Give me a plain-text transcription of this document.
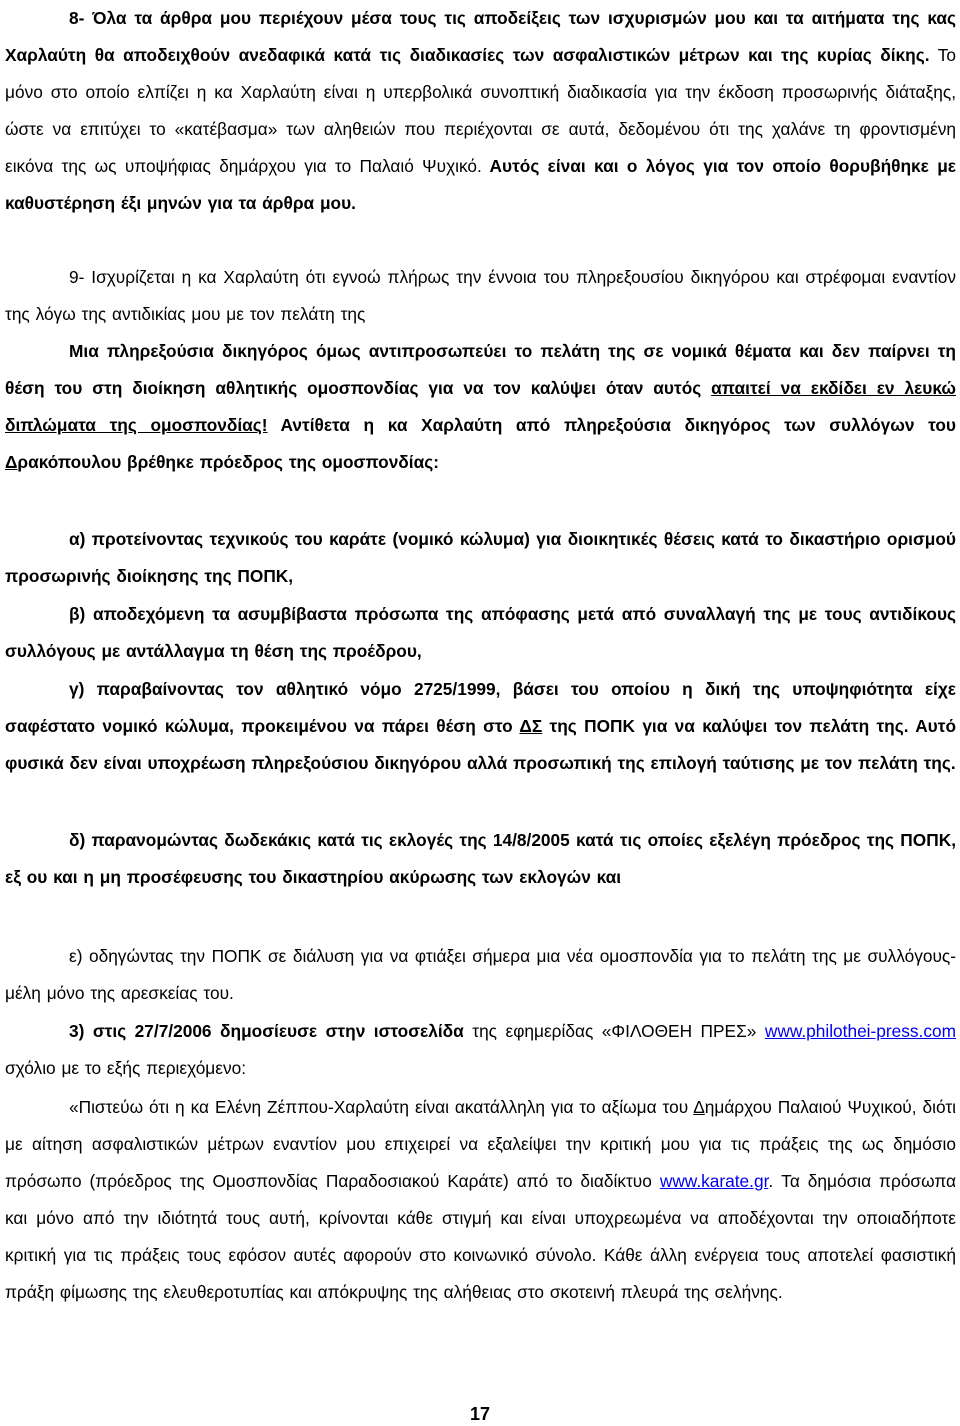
8- Όλα τα άρθρα μου περιέχουν μέσα τους τις αποδείξεις των ισχυρισμών μου και τα αιτήματα της κας Χαρλαύτη θα αποδειχθούν ανεδαφικά κατά τις διαδικασίες των ασφαλιστικών μέτρων και της κυρίας δίκης. Το μόνο στο οποίο ελπίζει η κα Χαρλαύτη είναι η υπερβολικά συνοπτική διαδικασία για την έκδοση προσωρινής διάταξης, ώστε να επιτύχει το «κατέβασμα» των αληθειών που περιέχονται σε αυτά, δεδομένου ότι της χαλάνε τη φροντισμένη εικόνα της ως υποψήφιας δημάρχου για το Παλαιό Ψυχικό. Αυτός είναι και ο λόγος για τον οποίο θορυβήθηκε με καθυστέρηση έξι μηνών για τα άρθρα μου.

9- Ισχυρίζεται η κα Χαρλαύτη ότι εγνοώ πλήρως την έννοια του πληρεξουσίου δικηγόρου και στρέφομαι εναντίον της λόγω της αντιδικίας μου με τον πελάτη της

Μια πληρεξούσια δικηγόρος όμως αντιπροσωπεύει το πελάτη της σε νομικά θέματα και δεν παίρνει τη θέση του στη διοίκηση αθλητικής ομοσπονδίας για να τον καλύψει όταν αυτός απαιτεί να εκδίδει εν λευκώ διπλώματα της ομοσπονδίας! Αντίθετα η κα Χαρλαύτη από πληρεξούσια δικηγόρος των συλλόγων του Δρακόπουλου βρέθηκε πρόεδρος της ομοσπονδίας:

α) προτείνοντας τεχνικούς του καράτε (νομικό κώλυμα) για διοικητικές θέσεις κατά το δικαστήριο ορισμού προσωρινής διοίκησης της ΠΟΠΚ,

β) αποδεχόμενη τα ασυμβίβαστα πρόσωπα της απόφασης μετά από συναλλαγή της με τους αντιδίκους συλλόγους με αντάλλαγμα τη θέση της προέδρου,

γ) παραβαίνοντας τον αθλητικό νόμο 2725/1999, βάσει του οποίου η δική της υποψηφιότητα είχε σαφέστατο νομικό κώλυμα, προκειμένου να πάρει θέση στο ΔΣ της ΠΟΠΚ για να καλύψει τον πελάτη της. Αυτό φυσικά δεν είναι υποχρέωση πληρεξούσιου δικηγόρου αλλά προσωπική της επιλογή ταύτισης με τον πελάτη της.

δ) παρανομώντας δωδεκάκις κατά τις εκλογές της 14/8/2005 κατά τις οποίες εξελέγη πρόεδρος της ΠΟΠΚ, εξ ου και η μη προσέφευσης του δικαστηρίου ακύρωσης των εκλογών και

ε) οδηγώντας την ΠΟΠΚ σε διάλυση για να φτιάξει σήμερα μια νέα ομοσπονδία για το πελάτη της με συλλόγους-μέλη μόνο της αρεσκείας του.

3) στις 27/7/2006 δημοσίευσε στην ιστοσελίδα της εφημερίδας «ΦΙΛΟΘΕΗ ΠΡΕΣ» www.philothei-press.com σχόλιο με το εξής περιεχόμενο:

«Πιστεύω ότι η κα Ελένη Ζέππου-Χαρλαύτη είναι ακατάλληλη για το αξίωμα του Δημάρχου Παλαιού Ψυχικού, διότι με αίτηση ασφαλιστικών μέτρων εναντίον μου επιχειρεί να εξαλείψει την κριτική μου για τις πράξεις της ως δημόσιο πρόσωπο (πρόεδρος της Ομοσπονδίας Παραδοσιακού Καράτε) από το διαδίκτυο www.karate.gr. Τα δημόσια πρόσωπα και μόνο από την ιδιότητά τους αυτή, κρίνονται κάθε στιγμή και είναι υποχρεωμένα να αποδέχονται την οποιαδήποτε κριτική για τις πράξεις τους εφόσον αυτές αφορούν στο κοινωνικό σύνολο. Κάθε άλλη ενέργεια τους αποτελεί φασιστική πράξη φίμωσης της ελευθεροτυπίας και απόκρυψης της αλήθειας στο σκοτεινή πλευρά της σελήνης.

17
